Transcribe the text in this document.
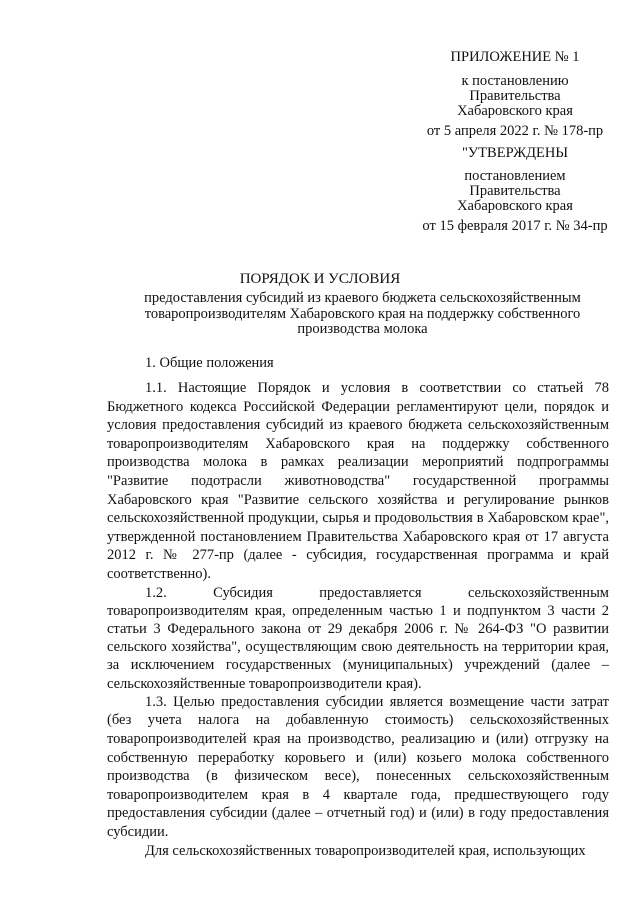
ПРИЛОЖЕНИЕ № 1
к постановлению
Правительства
Хабаровского края
от 5 апреля 2022 г. № 178-пр
"УТВЕРЖДЕНЫ
постановлением
Правительства
Хабаровского края
от 15 февраля 2017 г. № 34-пр
ПОРЯДОК И УСЛОВИЯ
предоставления субсидий из краевого бюджета сельскохозяйственным товаропроизводителям Хабаровского края на поддержку собственного производства молока
1. Общие положения

1.1. Настоящие Порядок и условия в соответствии со статьей 78 Бюджетного кодекса Российской Федерации регламентируют цели, порядок и условия предоставления субсидий из краевого бюджета сельскохозяйственным товаропроизводителям Хабаровского края на поддержку собственного производства молока в рамках реализации мероприятий подпрограммы "Развитие подотрасли животноводства" государственной программы Хабаровского края "Развитие сельского хозяйства и регулирование рынков сельскохозяйственной продукции, сырья и продовольствия в Хабаровском крае", утвержденной постановлением Правительства Хабаровского края от 17 августа 2012 г. № 277-пр (далее - субсидия, государственная программа и край соответственно).

1.2. Субсидия предоставляется сельскохозяйственным товаропроизводителям края, определенным частью 1 и подпунктом 3 части 2 статьи 3 Федерального закона от 29 декабря 2006 г. № 264-ФЗ "О развитии сельского хозяйства", осуществляющим свою деятельность на территории края, за исключением государственных (муниципальных) учреждений (далее – сельскохозяйственные товаропроизводители края).

1.3. Целью предоставления субсидии является возмещение части затрат (без учета налога на добавленную стоимость) сельскохозяйственных товаропроизводителей края на производство, реализацию и (или) отгрузку на собственную переработку коровьего и (или) козьего молока собственного производства (в физическом весе), понесенных сельскохозяйственным товаропроизводителем края в 4 квартале года, предшествующего году предоставления субсидии (далее – отчетный год) и (или) в году предоставления субсидии.

Для сельскохозяйственных товаропроизводителей края, использующих
